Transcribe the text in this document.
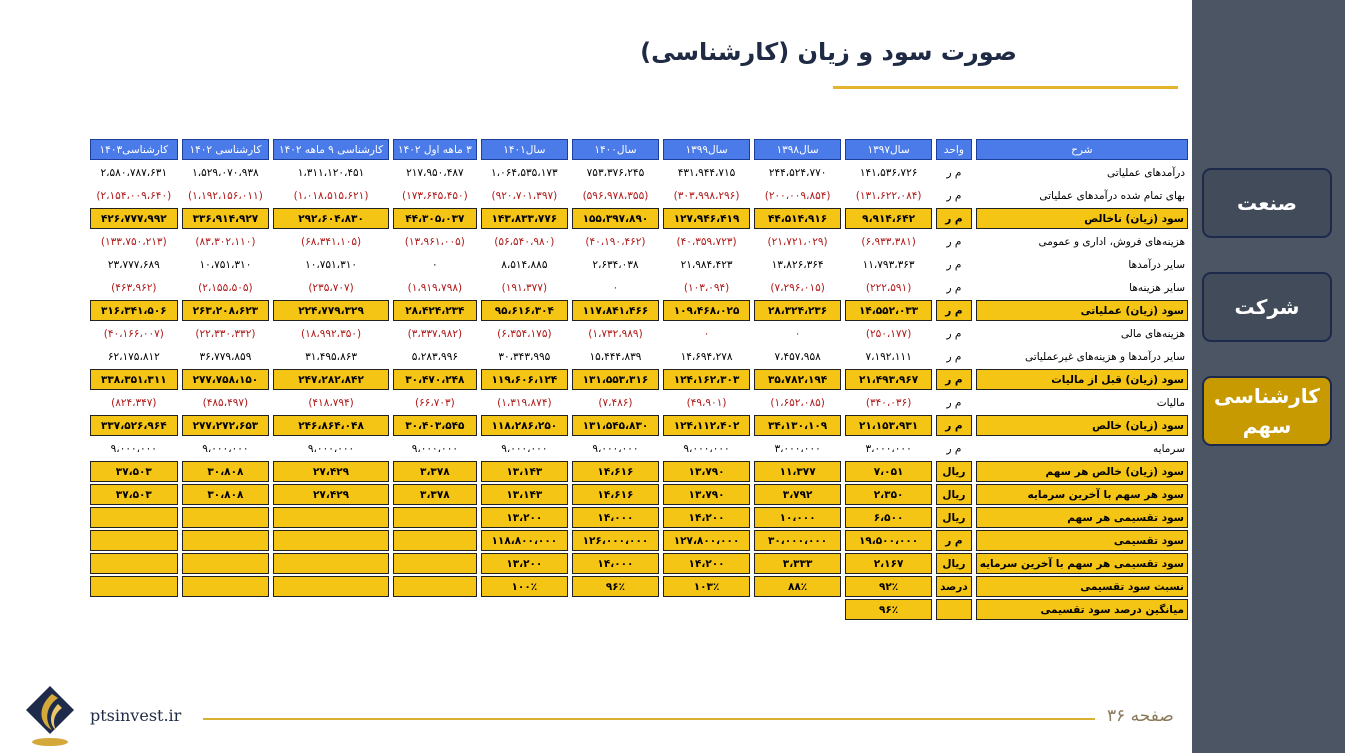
صورت سود و زیان (کارشناسی)
شرح	واحد	سال۱۳۹۷	سال۱۳۹۸	سال۱۳۹۹	سال۱۴۰۰	سال۱۴۰۱	۳ ماهه اول ۱۴۰۲	کارشناسی ۹ ماهه ۱۴۰۲	کارشناسی ۱۴۰۲	کارشناسی۱۴۰۳
درآمدهای عملیاتی	م ر	۱۴۱،۵۳۶،۷۲۶	۲۴۴،۵۲۴،۷۷۰	۴۳۱،۹۴۴،۷۱۵	۷۵۳،۳۷۶،۲۴۵	۱،۰۶۴،۵۳۵،۱۷۳	۲۱۷،۹۵۰،۴۸۷	۱،۳۱۱،۱۲۰،۴۵۱	۱،۵۲۹،۰۷۰،۹۳۸	۲،۵۸۰،۷۸۷،۶۳۱
بهای تمام شده درآمدهای عملیاتی	م ر	(۱۳۱،۶۲۲،۰۸۴)	(۲۰۰،۰۰۹،۸۵۴)	(۳۰۳،۹۹۸،۲۹۶)	(۵۹۶،۹۷۸،۳۵۵)	(۹۲۰،۷۰۱،۳۹۷)	(۱۷۳،۶۴۵،۴۵۰)	(۱،۰۱۸،۵۱۵،۶۲۱)	(۱،۱۹۲،۱۵۶،۰۱۱)	(۲،۱۵۴،۰۰۹،۶۴۰)
سود (زیان) ناخالص	م ر	۹،۹۱۴،۶۴۲	۴۴،۵۱۴،۹۱۶	۱۲۷،۹۴۶،۴۱۹	۱۵۵،۳۹۷،۸۹۰	۱۴۳،۸۳۳،۷۷۶	۴۴،۳۰۵،۰۳۷	۲۹۲،۶۰۴،۸۳۰	۳۳۶،۹۱۴،۹۲۷	۴۲۶،۷۷۷،۹۹۲
هزینه‌های فروش، اداری و عمومی	م ر	(۶،۹۳۳،۳۸۱)	(۲۱،۷۲۱،۰۲۹)	(۴۰،۳۵۹،۷۲۳)	(۴۰،۱۹۰،۴۶۲)	(۵۶،۵۴۰،۹۸۰)	(۱۳،۹۶۱،۰۰۵)	(۶۸،۳۴۱،۱۰۵)	(۸۳،۳۰۲،۱۱۰)	(۱۳۳،۷۵۰،۲۱۳)
سایر درآمدها	م ر	۱۱،۷۹۳،۳۶۳	۱۳،۸۲۶،۳۶۴	۲۱،۹۸۴،۴۲۳	۲،۶۳۴،۰۳۸	۸،۵۱۴،۸۸۵	۰	۱۰،۷۵۱،۳۱۰	۱۰،۷۵۱،۳۱۰	۲۳،۷۷۷،۶۸۹
سایر هزینه‌ها	م ر	(۲۲۲،۵۹۱)	(۷،۲۹۶،۰۱۵)	(۱۰۳،۰۹۴)	۰	(۱۹۱،۳۷۷)	(۱،۹۱۹،۷۹۸)	(۲۳۵،۷۰۷)	(۲،۱۵۵،۵۰۵)	(۴۶۳،۹۶۲)
سود (زیان) عملیاتی	م ر	۱۴،۵۵۲،۰۳۳	۲۸،۳۲۴،۲۳۶	۱۰۹،۴۶۸،۰۲۵	۱۱۷،۸۴۱،۴۶۶	۹۵،۶۱۶،۳۰۴	۲۸،۴۲۴،۲۳۴	۲۲۴،۷۷۹،۳۲۹	۲۶۳،۲۰۸،۶۲۳	۳۱۶،۳۴۱،۵۰۶
هزینه‌های مالی	م ر	(۲۵۰،۱۷۷)	۰	۰	(۱،۷۳۲،۹۸۹)	(۶،۳۵۴،۱۷۵)	(۳،۳۳۷،۹۸۲)	(۱۸،۹۹۲،۳۵۰)	(۲۲،۳۳۰،۳۳۲)	(۴۰،۱۶۶،۰۰۷)
سایر درآمدها و هزینه‌های غیرعملیاتی	م ر	۷،۱۹۲،۱۱۱	۷،۴۵۷،۹۵۸	۱۴،۶۹۴،۲۷۸	۱۵،۴۴۴،۸۳۹	۳۰،۳۴۳،۹۹۵	۵،۲۸۳،۹۹۶	۳۱،۴۹۵،۸۶۳	۳۶،۷۷۹،۸۵۹	۶۲،۱۷۵،۸۱۲
سود (زیان) قبل از مالیات	م ر	۲۱،۴۹۳،۹۶۷	۳۵،۷۸۲،۱۹۴	۱۲۴،۱۶۲،۳۰۳	۱۳۱،۵۵۳،۳۱۶	۱۱۹،۶۰۶،۱۲۴	۳۰،۴۷۰،۲۴۸	۲۴۷،۲۸۲،۸۴۲	۲۷۷،۷۵۸،۱۵۰	۳۳۸،۳۵۱،۳۱۱
مالیات	م ر	(۳۴۰،۰۳۶)	(۱،۶۵۲،۰۸۵)	(۴۹،۹۰۱)	(۷،۴۸۶)	(۱،۳۱۹،۸۷۴)	(۶۶،۷۰۳)	(۴۱۸،۷۹۴)	(۴۸۵،۴۹۷)	(۸۲۴،۳۴۷)
سود (زیان) خالص	م ر	۲۱،۱۵۳،۹۳۱	۳۴،۱۳۰،۱۰۹	۱۲۴،۱۱۲،۴۰۲	۱۳۱،۵۴۵،۸۳۰	۱۱۸،۲۸۶،۲۵۰	۳۰،۴۰۳،۵۴۵	۲۴۶،۸۶۴،۰۴۸	۲۷۷،۲۷۲،۶۵۳	۳۳۷،۵۲۶،۹۶۴
سرمایه	م ر	۳،۰۰۰،۰۰۰	۳،۰۰۰،۰۰۰	۹،۰۰۰،۰۰۰	۹،۰۰۰،۰۰۰	۹،۰۰۰،۰۰۰	۹،۰۰۰،۰۰۰	۹،۰۰۰،۰۰۰	۹،۰۰۰،۰۰۰	۹،۰۰۰،۰۰۰
سود (زیان) خالص هر سهم	ریال	۷،۰۵۱	۱۱،۳۷۷	۱۳،۷۹۰	۱۴،۶۱۶	۱۳،۱۴۳	۳،۳۷۸	۲۷،۴۲۹	۳۰،۸۰۸	۳۷،۵۰۳
سود هر سهم با آخرین سرمایه	ریال	۲،۳۵۰	۳،۷۹۲	۱۳،۷۹۰	۱۴،۶۱۶	۱۳،۱۴۳	۳،۳۷۸	۲۷،۴۲۹	۳۰،۸۰۸	۳۷،۵۰۳
سود تقسیمی هر سهم	ریال	۶،۵۰۰	۱۰،۰۰۰	۱۴،۲۰۰	۱۴،۰۰۰	۱۳،۲۰۰				
سود تقسیمی	م ر	۱۹،۵۰۰،۰۰۰	۳۰،۰۰۰،۰۰۰	۱۲۷،۸۰۰،۰۰۰	۱۲۶،۰۰۰،۰۰۰	۱۱۸،۸۰۰،۰۰۰				
سود تقسیمی هر سهم با آخرین سرمایه	ریال	۲،۱۶۷	۳،۳۳۳	۱۴،۲۰۰	۱۴،۰۰۰	۱۳،۲۰۰				
نسبت سود تقسیمی	درصد	۹۲٪	۸۸٪	۱۰۳٪	۹۶٪	۱۰۰٪				
میانگین درصد سود تقسیمی		۹۶٪								
صفحه ۳۶
ptsinvest.ir
صنعت
شرکت
کارشناسی سهم
